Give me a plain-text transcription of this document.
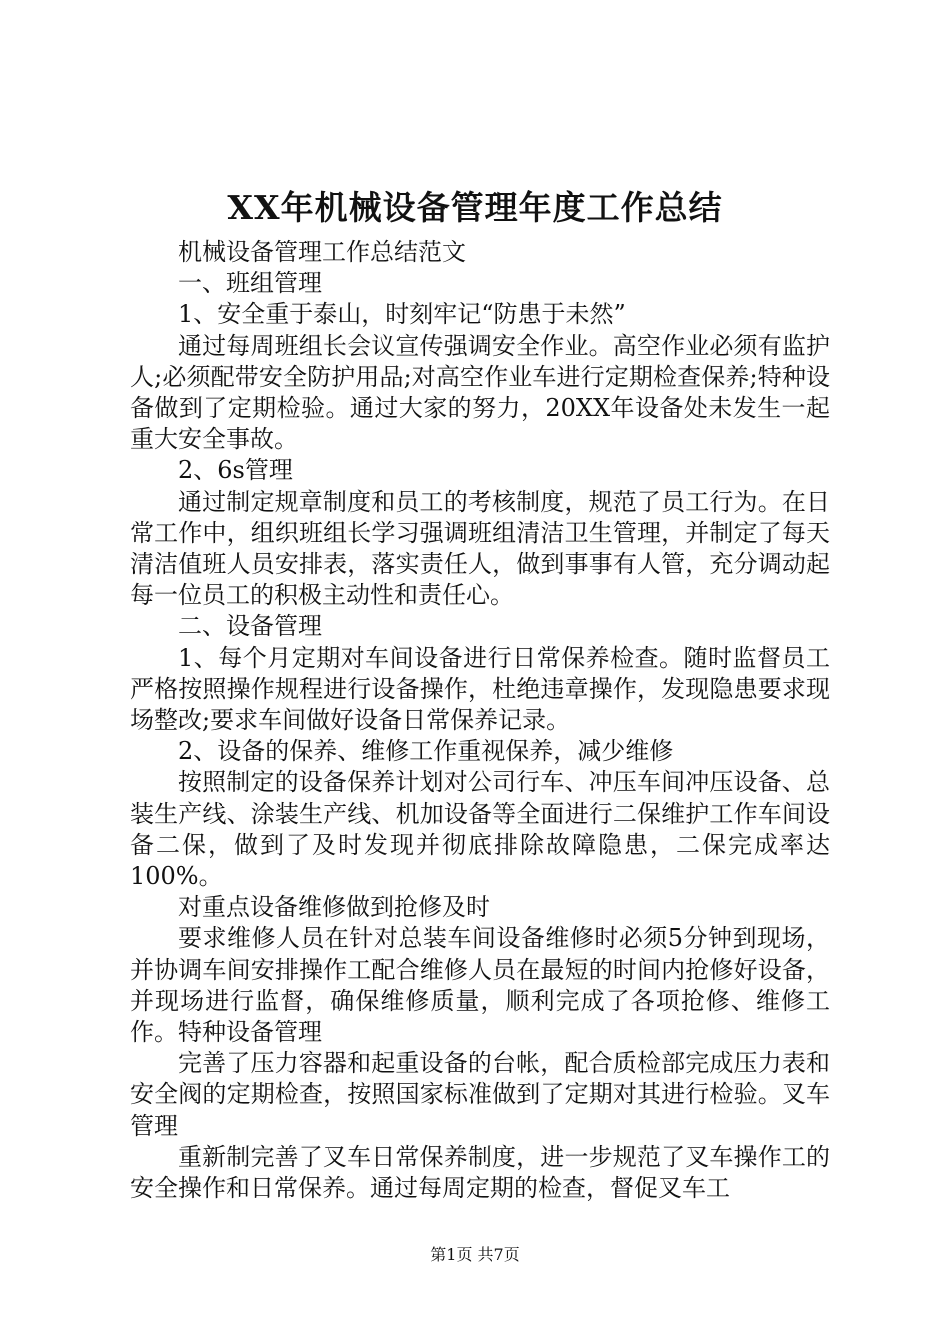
XX年机械设备管理年度工作总结

机械设备管理工作总结范文

一、班组管理

1、安全重于泰山，时刻牢记“防患于未然”

通过每周班组长会议宣传强调安全作业。高空作业必须有监护人;必须配带安全防护用品;对高空作业车进行定期检查保养;特种设备做到了定期检验。通过大家的努力，20XX年设备处未发生一起重大安全事故。

2、6s管理

通过制定规章制度和员工的考核制度，规范了员工行为。在日常工作中，组织班组长学习强调班组清洁卫生管理，并制定了每天清洁值班人员安排表，落实责任人，做到事事有人管，充分调动起每一位员工的积极主动性和责任心。

二、设备管理

1、每个月定期对车间设备进行日常保养检查。随时监督员工严格按照操作规程进行设备操作，杜绝违章操作，发现隐患要求现场整改;要求车间做好设备日常保养记录。

2、设备的保养、维修工作重视保养，减少维修

按照制定的设备保养计划对公司行车、冲压车间冲压设备、总装生产线、涂装生产线、机加设备等全面进行二保维护工作车间设备二保，做到了及时发现并彻底排除故障隐患，二保完成率达100%。

对重点设备维修做到抢修及时

要求维修人员在针对总装车间设备维修时必须5分钟到现场，并协调车间安排操作工配合维修人员在最短的时间内抢修好设备，并现场进行监督，确保维修质量，顺利完成了各项抢修、维修工作。特种设备管理

完善了压力容器和起重设备的台帐，配合质检部完成压力表和安全阀的定期检查，按照国家标准做到了定期对其进行检验。叉车管理

重新制完善了叉车日常保养制度，进一步规范了叉车操作工的安全操作和日常保养。通过每周定期的检查，督促叉车工

第1页 共7页
